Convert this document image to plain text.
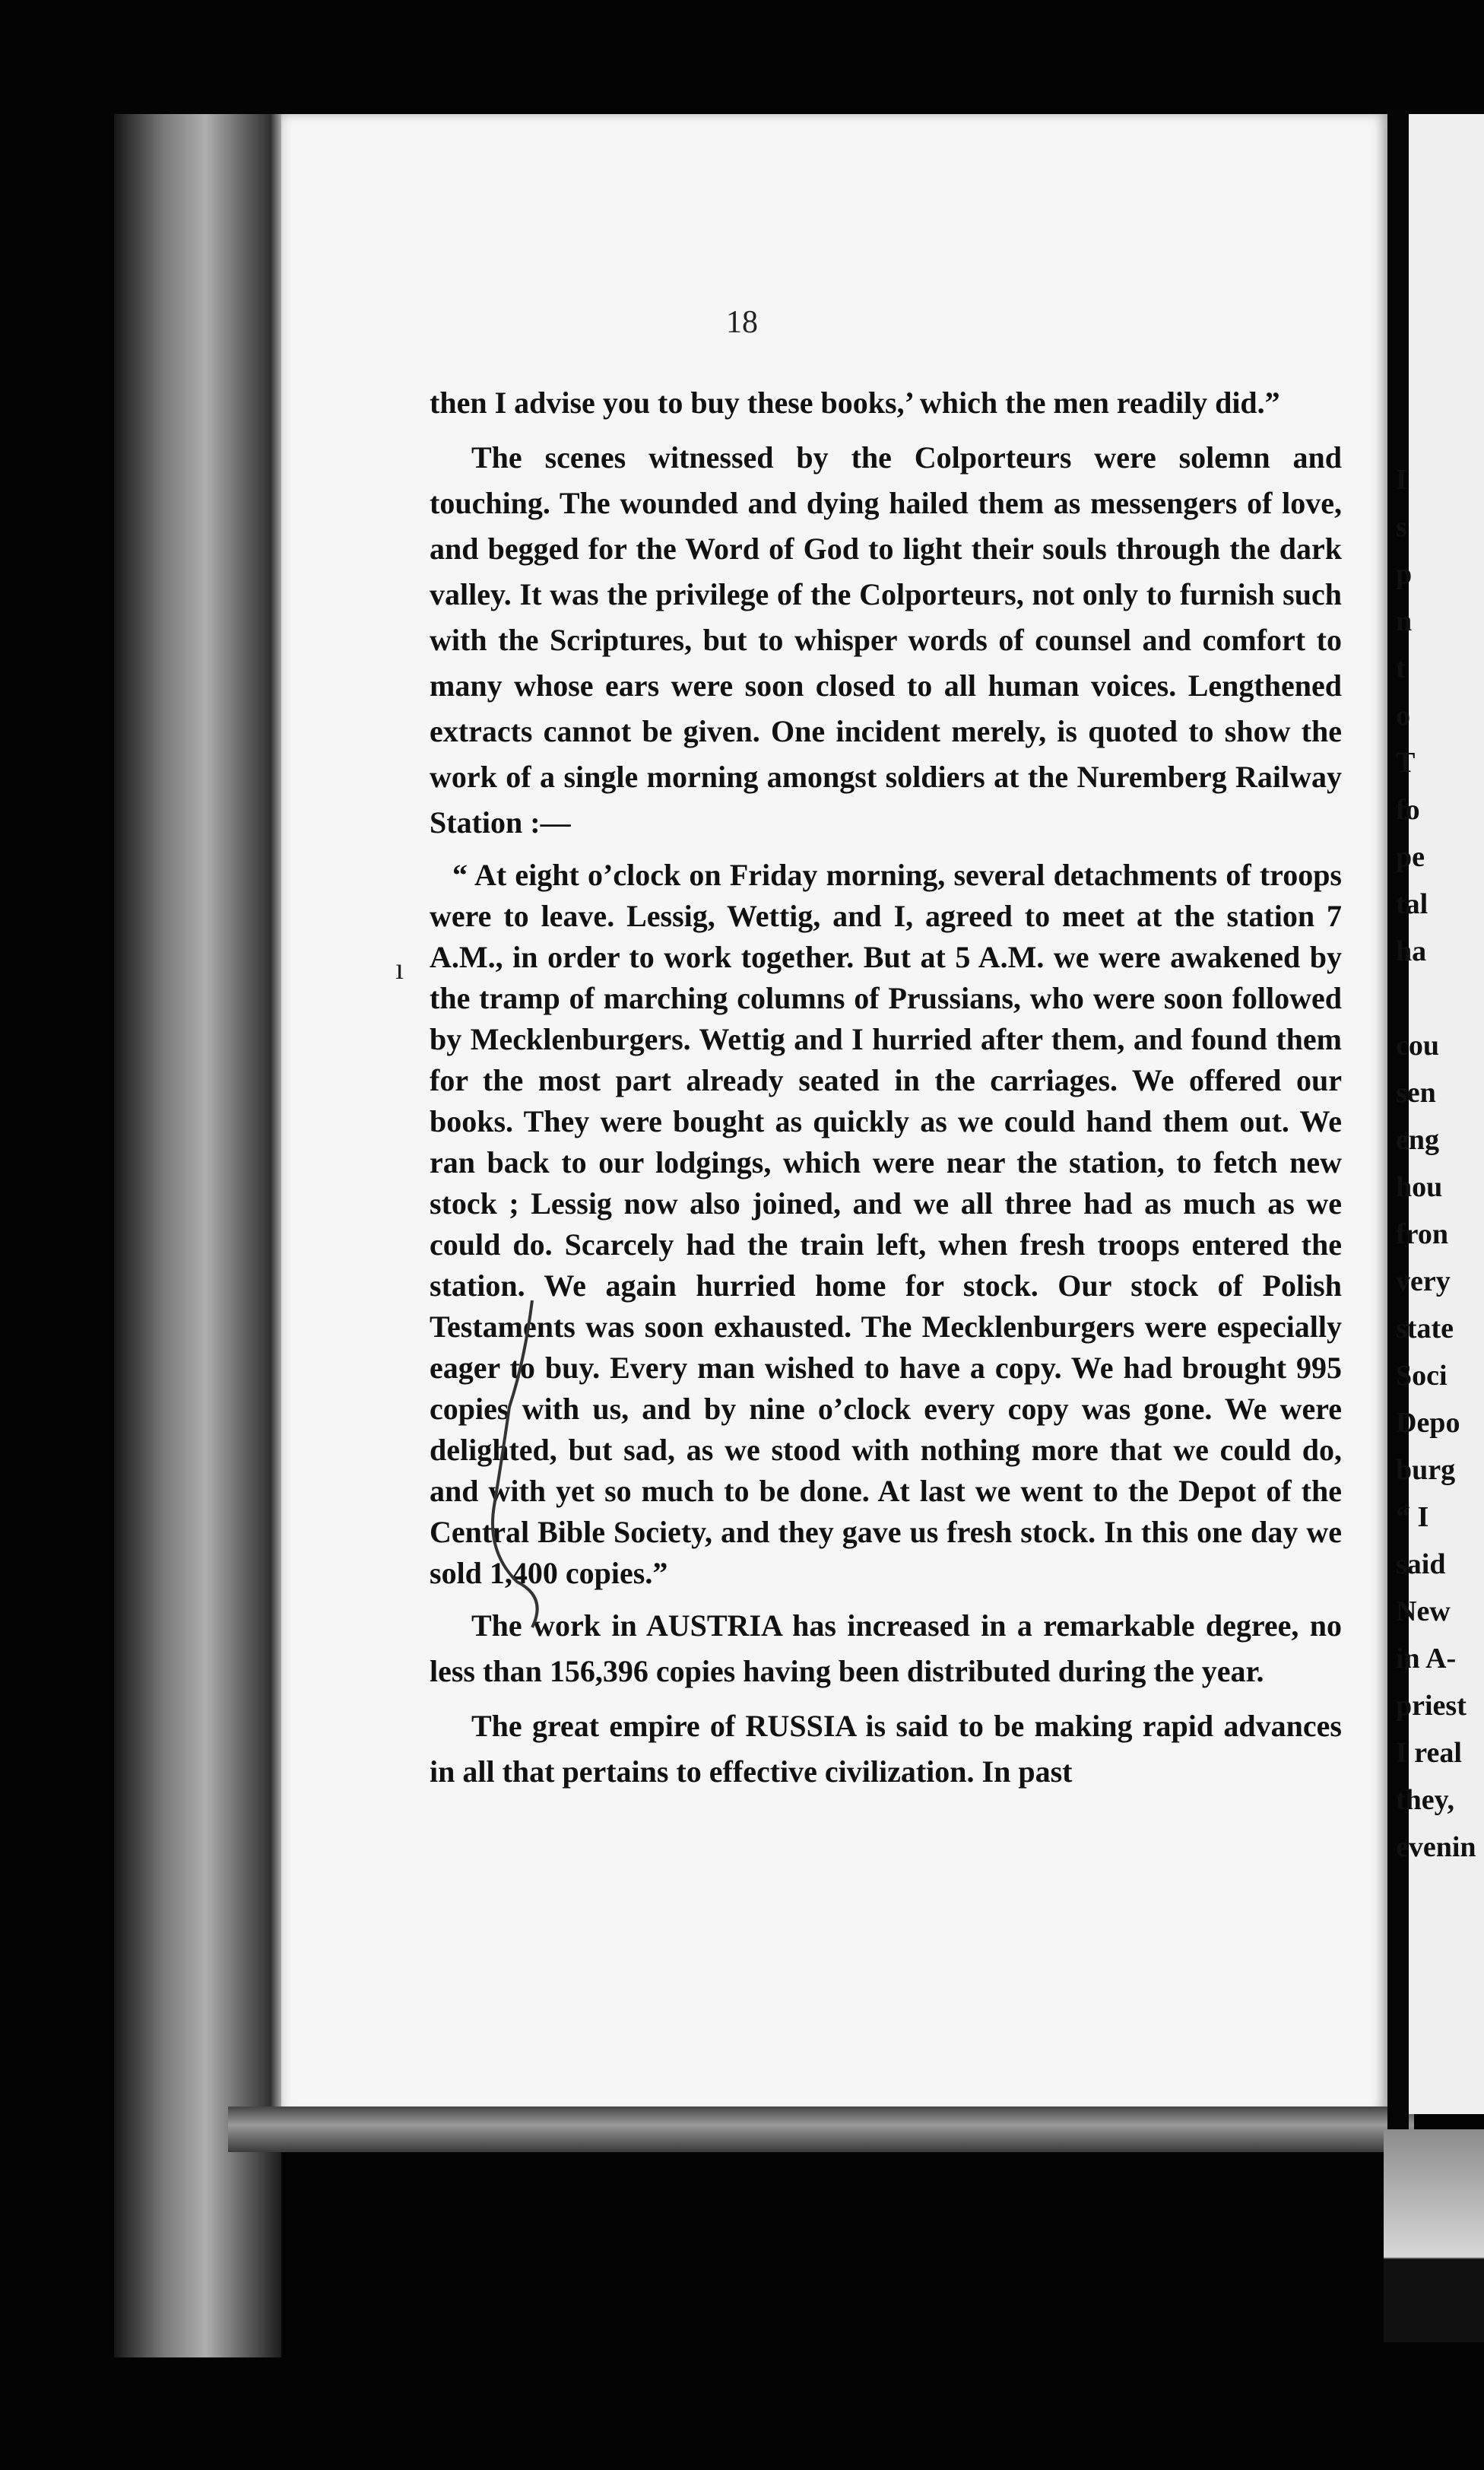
18
ı

then I advise you to buy these books,’ which the men readily did.”

The scenes witnessed by the Colporteurs were solemn and touching. The wounded and dying hailed them as messengers of love, and begged for the Word of God to light their souls through the dark valley. It was the privilege of the Colporteurs, not only to furnish such with the Scriptures, but to whisper words of counsel and comfort to many whose ears were soon closed to all human voices. Lengthened extracts cannot be given. One incident merely, is quoted to show the work of a single morning amongst soldiers at the Nuremberg Railway Station :—

“ At eight o’clock on Friday morning, several detachments of troops were to leave. Lessig, Wettig, and I, agreed to meet at the station 7 A.M., in order to work together. But at 5 A.M. we were awakened by the tramp of marching columns of Prussians, who were soon followed by Mecklenburgers. Wettig and I hurried after them, and found them for the most part already seated in the carriages. We offered our books. They were bought as quickly as we could hand them out. We ran back to our lodgings, which were near the station, to fetch new stock ; Lessig now also joined, and we all three had as much as we could do. Scarcely had the train left, when fresh troops entered the station. We again hurried home for stock. Our stock of Polish Testaments was soon exhausted. The Mecklenburgers were especially eager to buy. Every man wished to have a copy. We had brought 995 copies with us, and by nine o’clock every copy was gone. We were delighted, but sad, as we stood with nothing more that we could do, and with yet so much to be done. At last we went to the Depot of the Central Bible Society, and they gave us fresh stock. In this one day we sold 1,400 copies.”

The work in AUSTRIA has increased in a remarkable degree, no less than 156,396 copies having been distributed during the year.

The great empire of RUSSIA is said to be making rapid advances in all that pertains to effective civilization. In past

I
s
p
n
t
o
T
fo
pe
tal
ha
cou
sen
eng
hou
fron
very
state
Soci
Depo
burg
“ I
said
New
in A-
priest
I real
they,
evenin
